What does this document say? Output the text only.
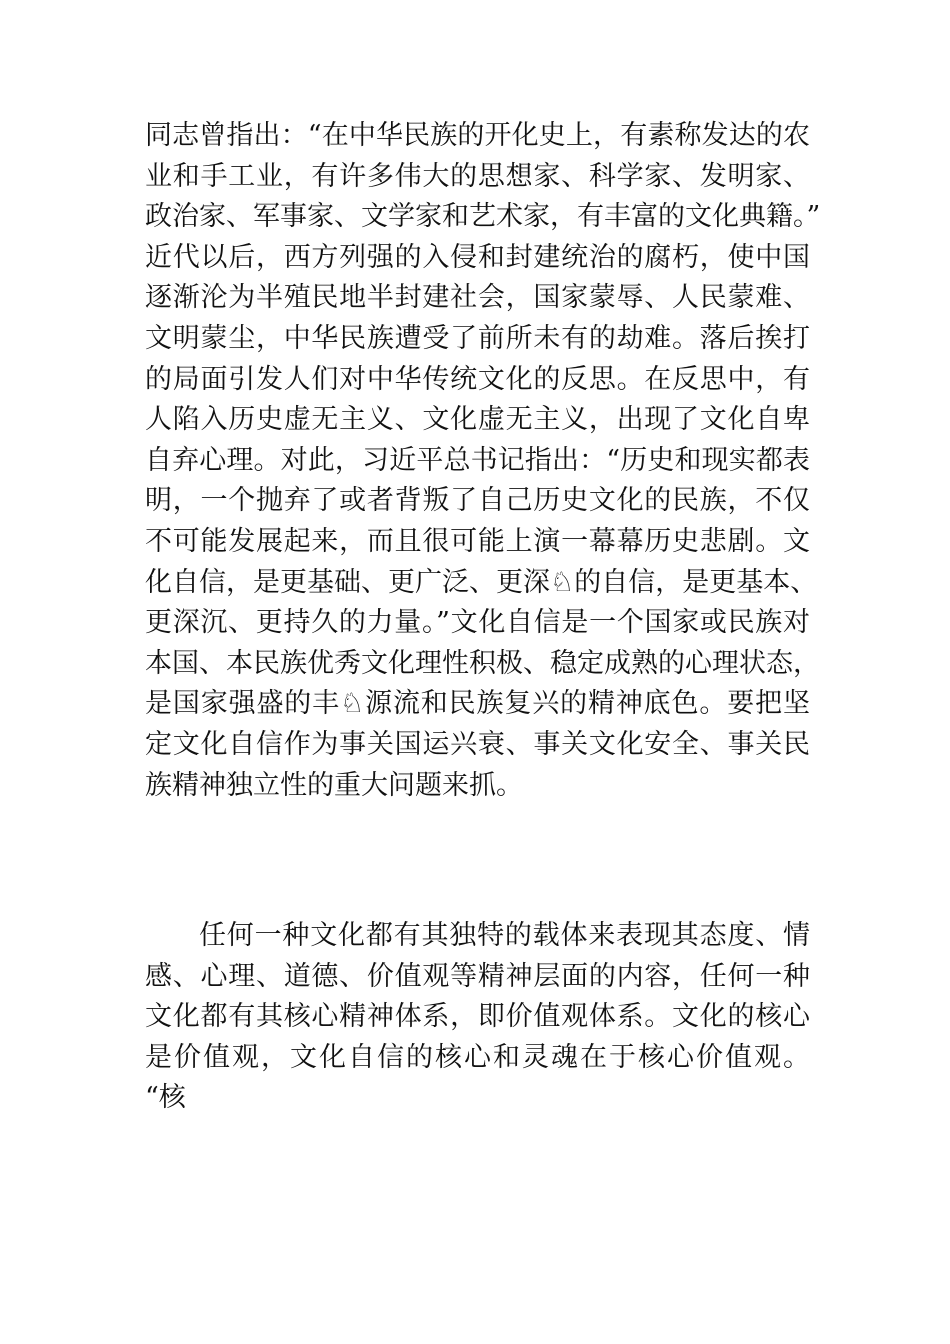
同志曾指出：“在中华民族的开化史上，有素称发达的农
业和手工业，有许多伟大的思想家、科学家、发明家、
政治家、军事家、文学家和艺术家，有丰富的文化典籍。”
近代以后，西方列强的入侵和封建统治的腐朽，使中国
逐渐沦为半殖民地半封建社会，国家蒙辱、人民蒙难、
文明蒙尘，中华民族遭受了前所未有的劫难。落后挨打
的局面引发人们对中华传统文化的反思。在反思中，有
人陷入历史虚无主义、文化虚无主义，出现了文化自卑
自弃心理。对此，习近平总书记指出：“历史和现实都表
明，一个抛弃了或者背叛了自己历史文化的民族，不仅
不可能发展起来，而且很可能上演一幕幕历史悲剧。文
化自信，是更基础、更广泛、更深♘的自信，是更基本、
更深沉、更持久的力量。”文化自信是一个国家或民族对
本国、本民族优秀文化理性积极、稳定成熟的心理状态，
是国家强盛的丰♘源流和民族复兴的精神底色。要把坚
定文化自信作为事关国运兴衰、事关文化安全、事关民
族精神独立性的重大问题来抓。
任何一种文化都有其独特的载体来表现其态度、情
感、心理、道德、价值观等精神层面的内容，任何一种
文化都有其核心精神体系，即价值观体系。文化的核心
是价值观，文化自信的核心和灵魂在于核心价值观。
“核
